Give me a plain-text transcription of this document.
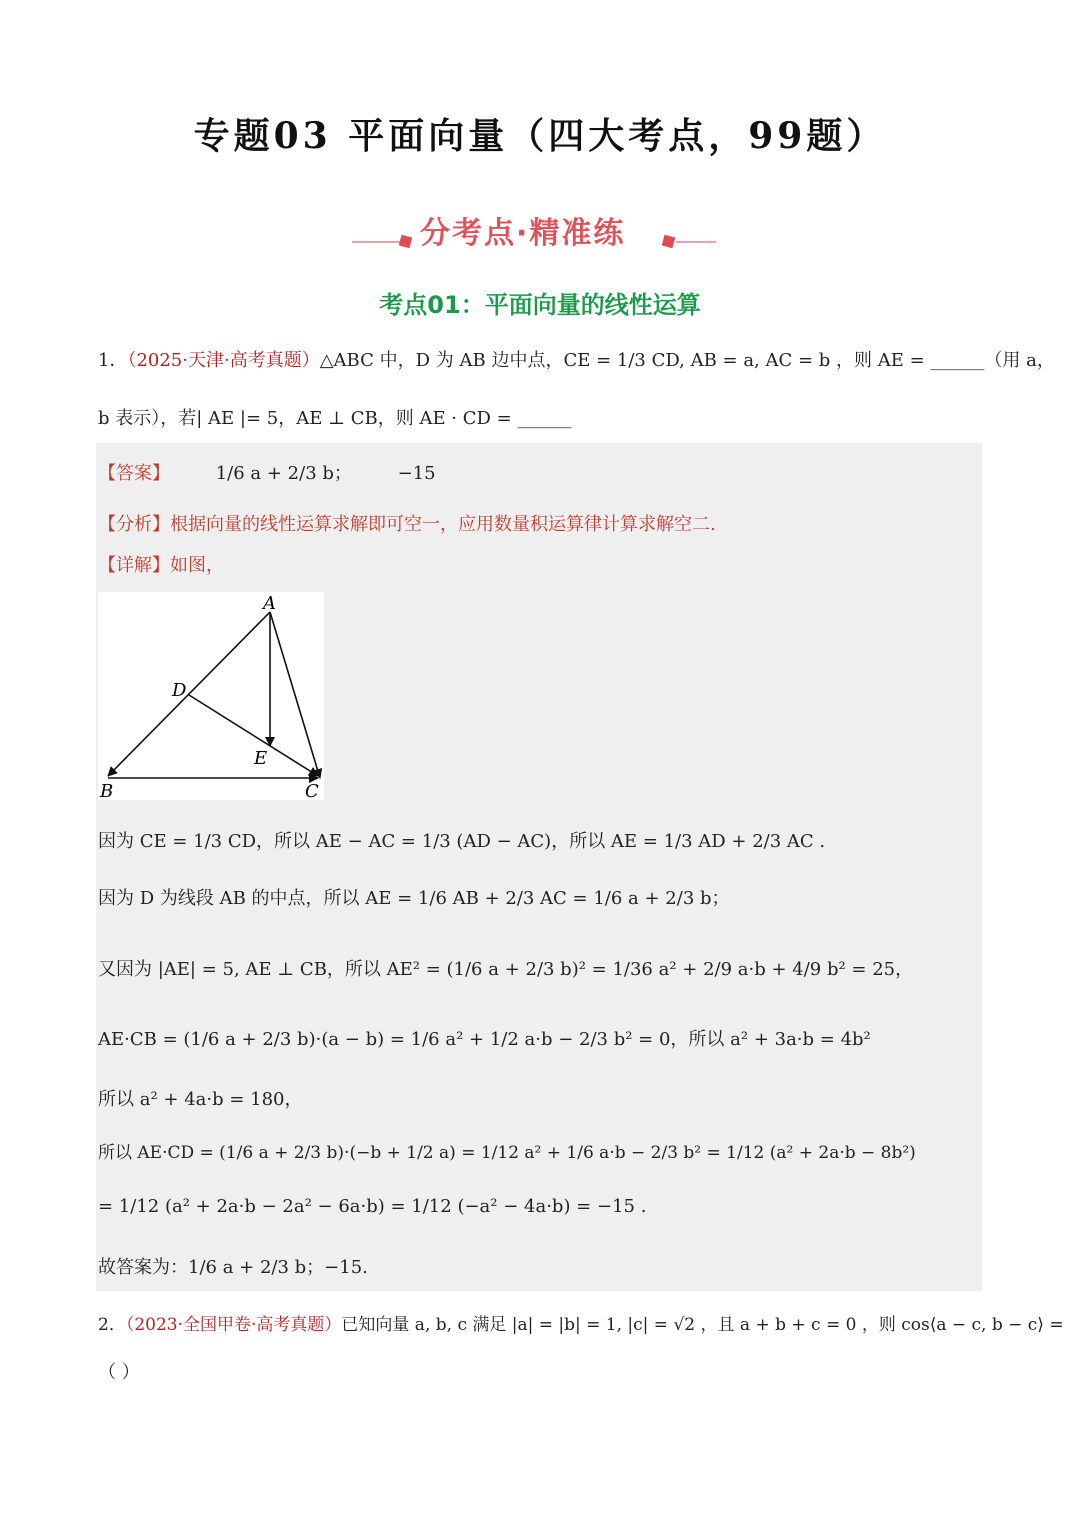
专题03 平面向量（四大考点，99题）
分考点·精准练
考点01：平面向量的线性运算
1．（2025·天津·高考真题）△ABC 中，D 为 AB 边中点，CE = 1/3 CD, AB = a, AC = b ，则 AE = ______（用 a，
b 表示），若| AE |= 5，AE ⊥ CB，则 AE · CD = ______
【答案】	1/6 a + 2/3 b；	−15
【分析】根据向量的线性运算求解即可空一，应用数量积运算律计算求解空二.
【详解】如图，
A
D
E
B	C
因为 CE = 1/3 CD，所以 AE − AC = 1/3 (AD − AC)，所以 AE = 1/3 AD + 2/3 AC .
因为 D 为线段 AB 的中点，所以 AE = 1/6 AB + 2/3 AC = 1/6 a + 2/3 b；
又因为 |AE| = 5, AE ⊥ CB，所以 AE² = (1/6 a + 2/3 b)² = 1/36 a² + 2/9 a·b + 4/9 b² = 25，
AE·CB = (1/6 a + 2/3 b)·(a − b) = 1/6 a² + 1/2 a·b − 2/3 b² = 0，所以 a² + 3a·b = 4b²
所以 a² + 4a·b = 180，
所以 AE·CD = (1/6 a + 2/3 b)·(−b + 1/2 a) = 1/12 a² + 1/6 a·b − 2/3 b² = 1/12 (a² + 2a·b − 8b²)
= 1/12 (a² + 2a·b − 2a² − 6a·b) = 1/12 (−a² − 4a·b) = −15 .
故答案为：1/6 a + 2/3 b；−15.
2．（2023·全国甲卷·高考真题）已知向量 a, b, c 满足 |a| = |b| = 1, |c| = √2 ，且 a + b + c = 0 ，则 cos⟨a − c, b − c⟩ =
（ ）
